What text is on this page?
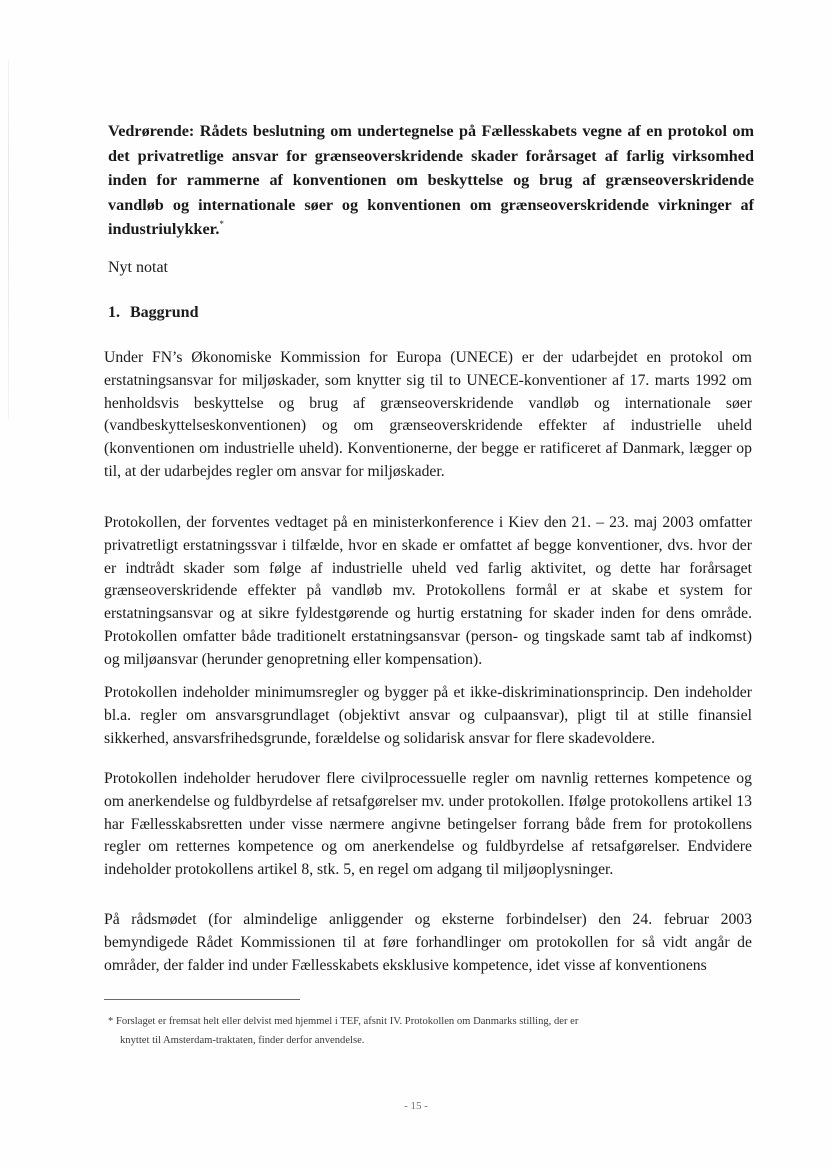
Vedrørende: Rådets beslutning om undertegnelse på Fællesskabets vegne af en protokol om det privatretlige ansvar for grænseoverskridende skader forårsaget af farlig virksomhed inden for rammerne af konventionen om beskyttelse og brug af grænseoverskridende vandløb og internationale søer og konventionen om grænseoverskridende virkninger af industriulykker.*

Nyt notat

1. Baggrund

Under FN’s Økonomiske Kommission for Europa (UNECE) er der udarbejdet en protokol om erstatningsansvar for miljøskader, som knytter sig til to UNECE-konventioner af 17. marts 1992 om henholdsvis beskyttelse og brug af grænseoverskridende vandløb og internationale søer (vandbeskyttelseskonventionen) og om grænseoverskridende effekter af industrielle uheld (konventionen om industrielle uheld). Konventionerne, der begge er ratificeret af Danmark, lægger op til, at der udarbejdes regler om ansvar for miljøskader.

Protokollen, der forventes vedtaget på en ministerkonference i Kiev den 21. – 23. maj 2003 omfatter privatretligt erstatningssvar i tilfælde, hvor en skade er omfattet af begge konventioner, dvs. hvor der er indtrådt skader som følge af industrielle uheld ved farlig aktivitet, og dette har forårsaget grænseoverskridende effekter på vandløb mv. Protokollens formål er at skabe et system for erstatningsansvar og at sikre fyldestgørende og hurtig erstatning for skader inden for dens område. Protokollen omfatter både traditionelt erstatningsansvar (person- og tingskade samt tab af indkomst) og miljøansvar (herunder genopretning eller kompensation).

Protokollen indeholder minimumsregler og bygger på et ikke-diskriminationsprincip. Den indeholder bl.a. regler om ansvarsgrundlaget (objektivt ansvar og culpaansvar), pligt til at stille finansiel sikkerhed, ansvarsfrihedsgrunde, forældelse og solidarisk ansvar for flere skadevoldere.

Protokollen indeholder herudover flere civilprocessuelle regler om navnlig retternes kompetence og om anerkendelse og fuldbyrdelse af retsafgørelser mv. under protokollen. Ifølge protokollens artikel 13 har Fællesskabsretten under visse nærmere angivne betingelser forrang både frem for protokollens regler om retternes kompetence og om anerkendelse og fuldbyrdelse af retsafgørelser. Endvidere indeholder protokollens artikel 8, stk. 5, en regel om adgang til miljøoplysninger.

På rådsmødet (for almindelige anliggender og eksterne forbindelser) den 24. februar 2003 bemyndigede Rådet Kommissionen til at føre forhandlinger om protokollen for så vidt angår de områder, der falder ind under Fællesskabets eksklusive kompetence, idet visse af konventionens

* Forslaget er fremsat helt eller delvist med hjemmel i TEF, afsnit IV. Protokollen om Danmarks stilling, der er
knyttet til Amsterdam-traktaten, finder derfor anvendelse.

- 15 -
